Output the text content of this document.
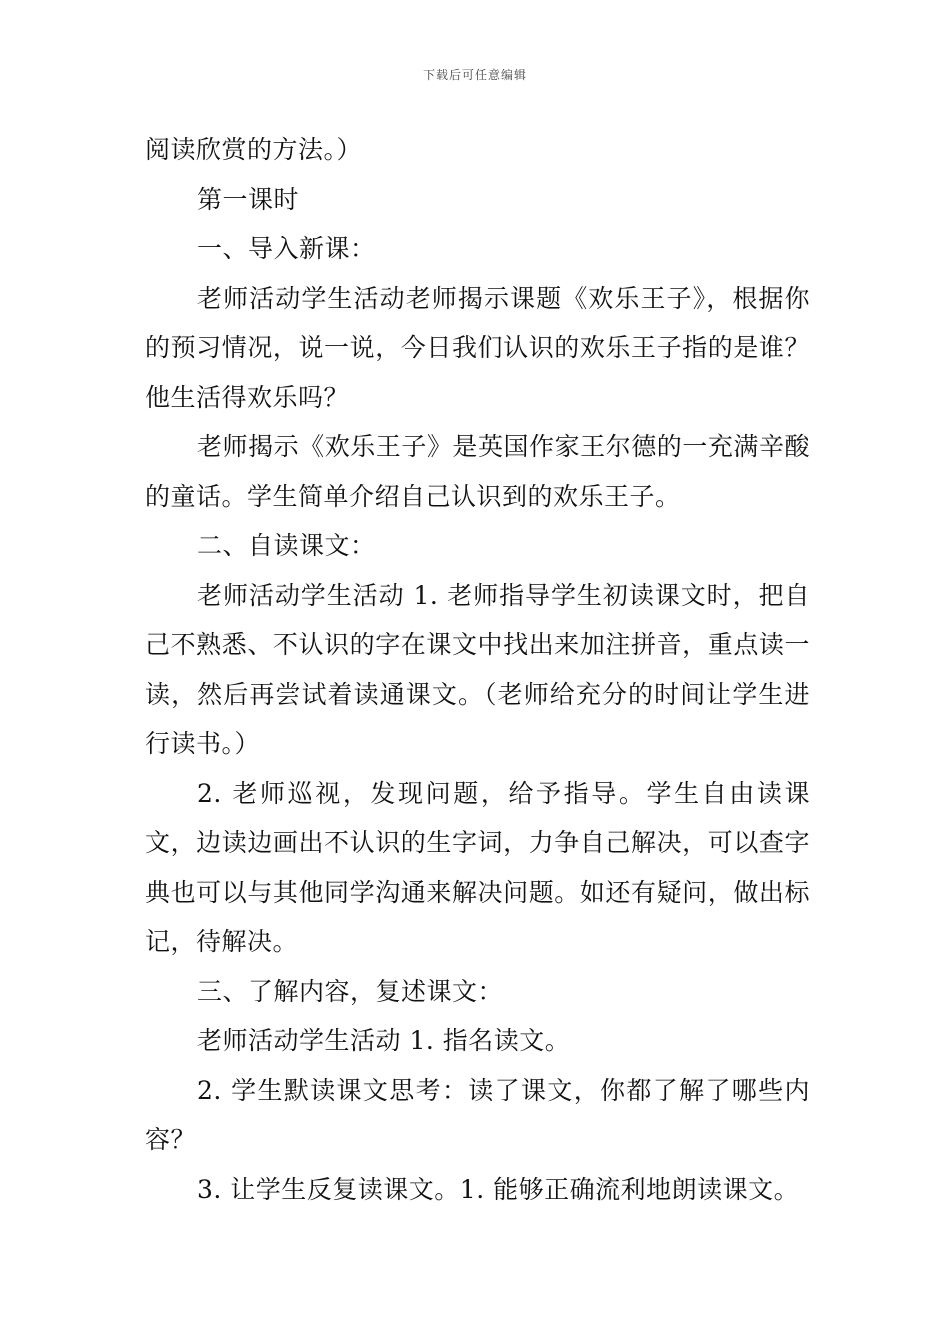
下载后可任意编辑

阅读欣赏的方法。）

第一课时

一、导入新课：

老师活动学生活动老师揭示课题《欢乐王子》，根据你的预习情况，说一说，今日我们认识的欢乐王子指的是谁？他生活得欢乐吗？

老师揭示《欢乐王子》是英国作家王尔德的一充满辛酸的童话。学生简单介绍自己认识到的欢乐王子。

二、自读课文：

老师活动学生活动 1. 老师指导学生初读课文时，把自己不熟悉、不认识的字在课文中找出来加注拼音，重点读一读，然后再尝试着读通课文。（老师给充分的时间让学生进行读书。）

2. 老师巡视，发现问题，给予指导。学生自由读课文，边读边画出不认识的生字词，力争自己解决，可以查字典也可以与其他同学沟通来解决问题。如还有疑问，做出标记，待解决。

三、了解内容，复述课文：

老师活动学生活动 1. 指名读文。

2. 学生默读课文思考：读了课文，你都了解了哪些内容？

3. 让学生反复读课文。1. 能够正确流利地朗读课文。
